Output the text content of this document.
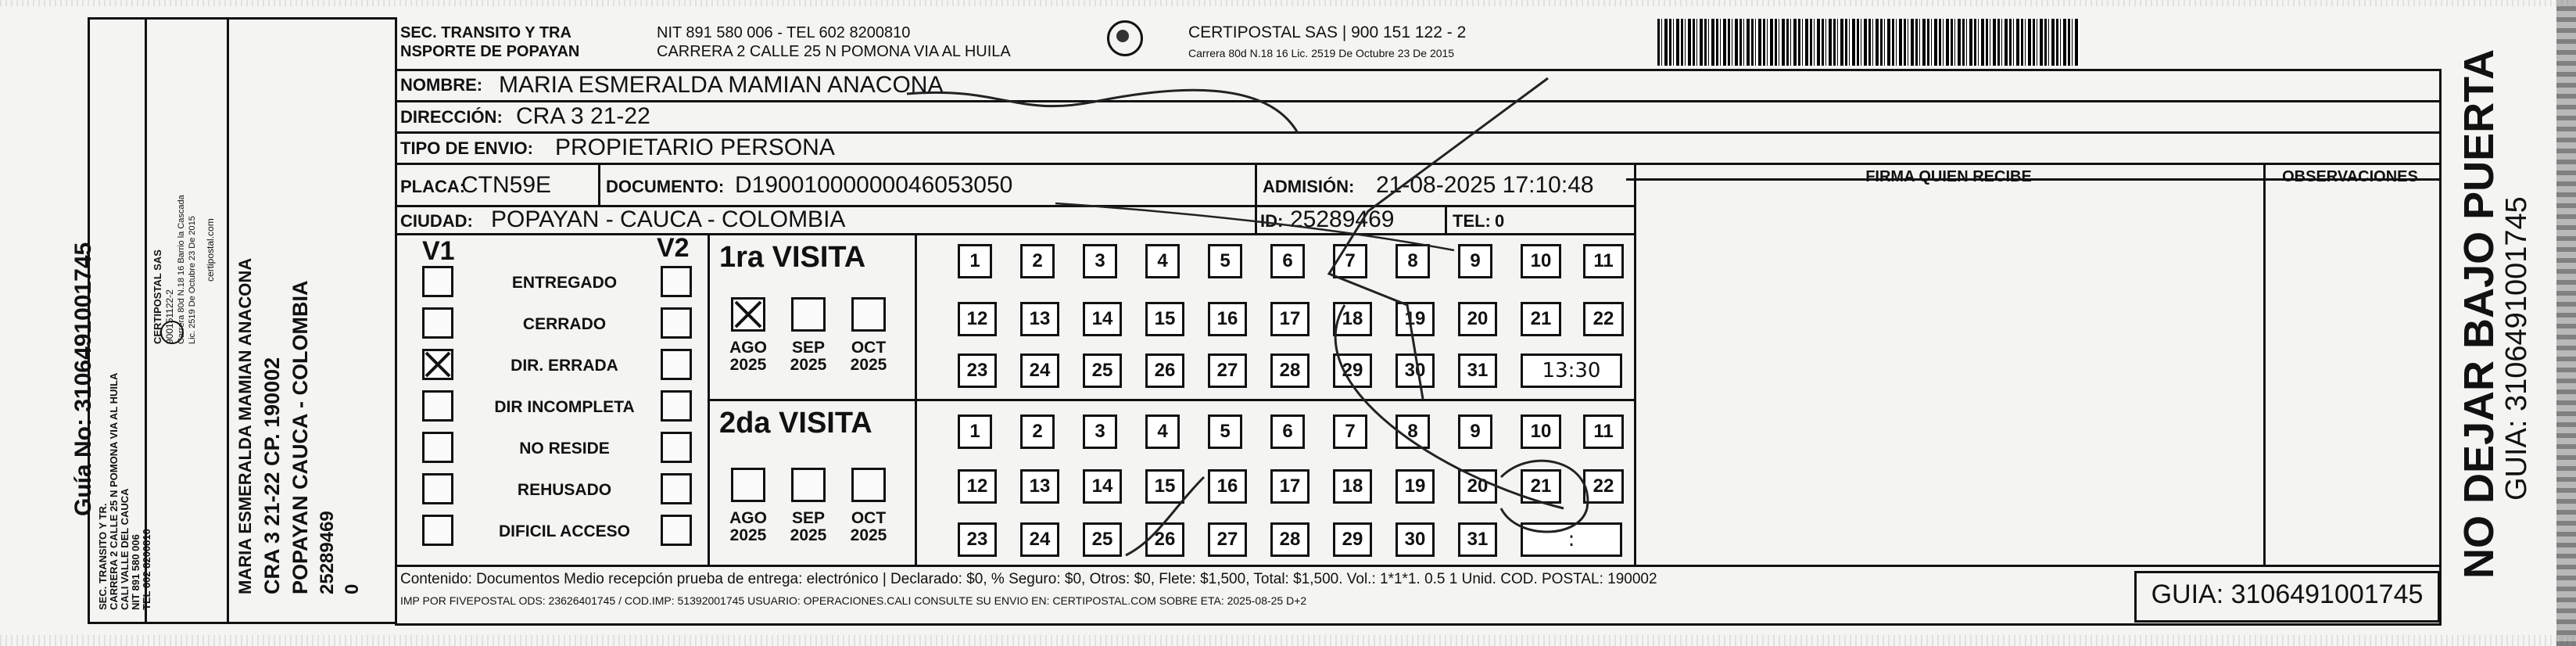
Guía No: 3106491001745
SEC. TRANSITO Y TR. CARRERA 2 CALLE 25 N POMONA VIA AL HUILA CALI VALLE DEL CAUCA NIT 891 580 006 TEL 602 8200810
CERTIPOSTAL SAS 900151122-2 Carrera 80d N.18 16 Barrio la Cascada Lic. 2519 De Octubre 23 De 2015 certipostal.com
MARIA ESMERALDA MAMIAN ANACONA CRA 3 21-22 CP. 190002 POPAYAN CAUCA - COLOMBIA 25289469 0
SEC. TRANSITO Y TRA
NSPORTE DE POPAYAN
NIT 891 580 006 - TEL 602 8200810
CARRERA 2 CALLE 25 N POMONA VIA AL HUILA
CERTIPOSTAL SAS | 900 151 122 - 2
Carrera 80d N.18 16 Lic. 2519 De Octubre 23 De 2015
NOMBRE: MARIA ESMERALDA MAMIAN ANACONA
DIRECCIÓN: CRA 3 21-22
TIPO DE ENVIO: PROPIETARIO PERSONA
FIRMA QUIEN RECIBE	OBSERVACIONES
PLACA:
CTN59E	DOCUMENTO: D19001000000046053050	ADMISIÓN: 21-08-2025 17:10:48
CIUDAD: POPAYAN - CAUCA - COLOMBIA	ID: 25289469	TEL: 0
V1	V2
ENTREGADO
CERRADO
DIR. ERRADA
DIR INCOMPLETA
NO RESIDE
REHUSADO
DIFICIL ACCESO
1ra VISITA
AGO
2025
SEP
2025
OCT
2025
1	2	3	4	5	6	7	8	9	10	11
12	13	14	15	16	17	18	19	20	21	22
23	24	25	26	27	28	29	30	31	13:30
2da VISITA
AGO
2025
SEP
2025
OCT
2025
1	2	3	4	5	6	7	8	9	10	11
12	13	14	15	16	17	18	19	20	21	22
23	24	25	26	27	28	29	30	31	:
Contenido: Documentos Medio recepción prueba de entrega: electrónico | Declarado: $0, % Seguro: $0, Otros: $0, Flete: $1,500, Total: $1,500. Vol.: 1*1*1. 0.5 1 Unid. COD. POSTAL: 190002
IMP POR FIVEPOSTAL ODS: 23626401745 / COD.IMP: 51392001745 USUARIO: OPERACIONES.CALI CONSULTE SU ENVIO EN: CERTIPOSTAL.COM SOBRE ETA: 2025-08-25 D+2	GUIA: 3106491001745
NO DEJAR BAJO PUERTA
GUIA: 3106491001745
